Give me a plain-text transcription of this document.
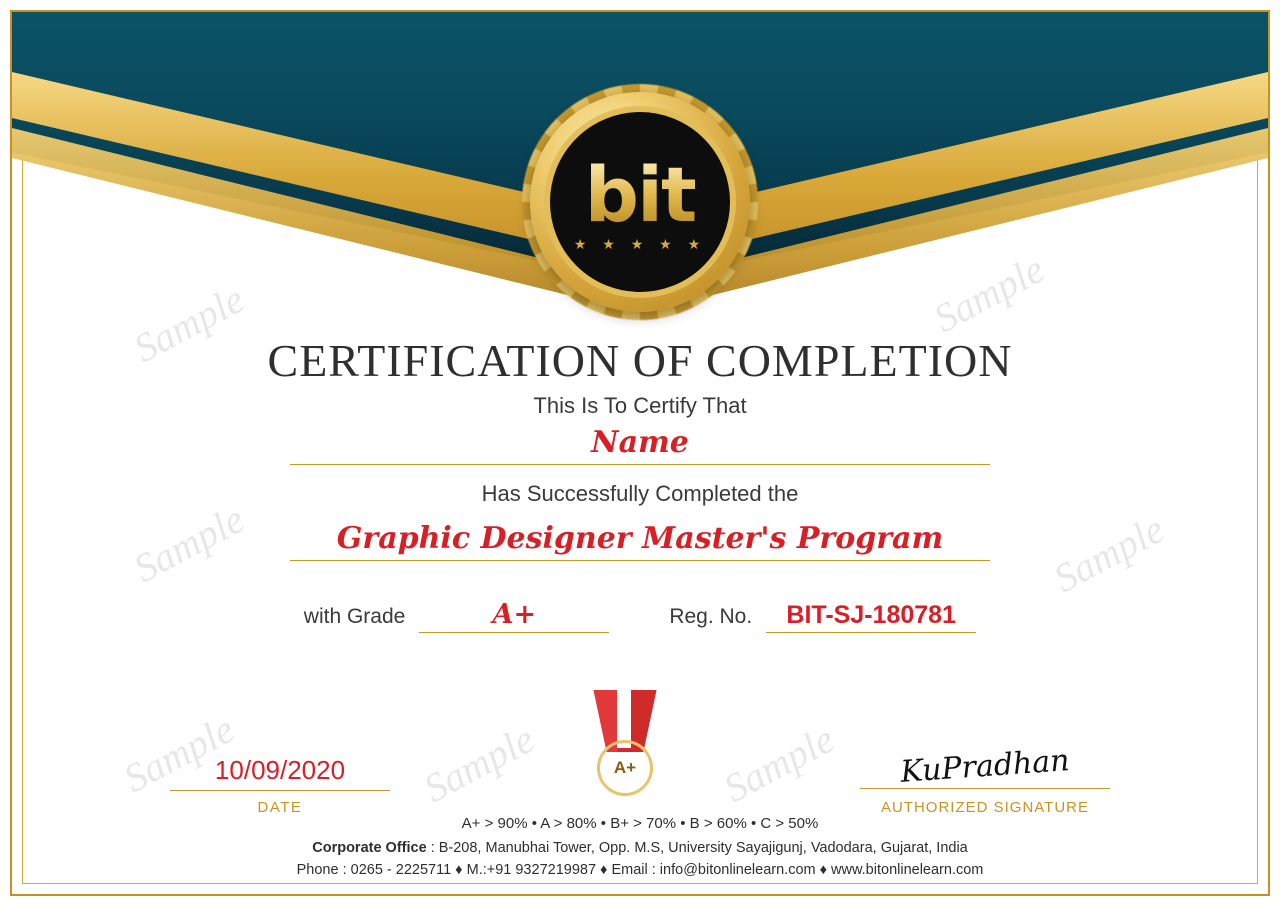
bit
★ ★ ★ ★ ★
CERTIFICATION OF COMPLETION
This Is To Certify That
Name
Has Successfully Completed the
Graphic Designer Master's Program
with Grade	A+	Reg. No.	BIT-SJ-180781
10/09/2020
DATE
A+	KuPradhan
AUTHORIZED SIGNATURE
A+ > 90% • A > 80% • B+ > 70% • B > 60% • C > 50%
Corporate Office : B-208, Manubhai Tower, Opp. M.S, University Sayajigunj, Vadodara, Gujarat, India
Phone : 0265 - 2225711 ♦ M.:+91 9327219987 ♦ Email : info@bitonlinelearn.com ♦ www.bitonlinelearn.com
Sample
Sample
Sample	Sample	Sample
Sample
Sample
